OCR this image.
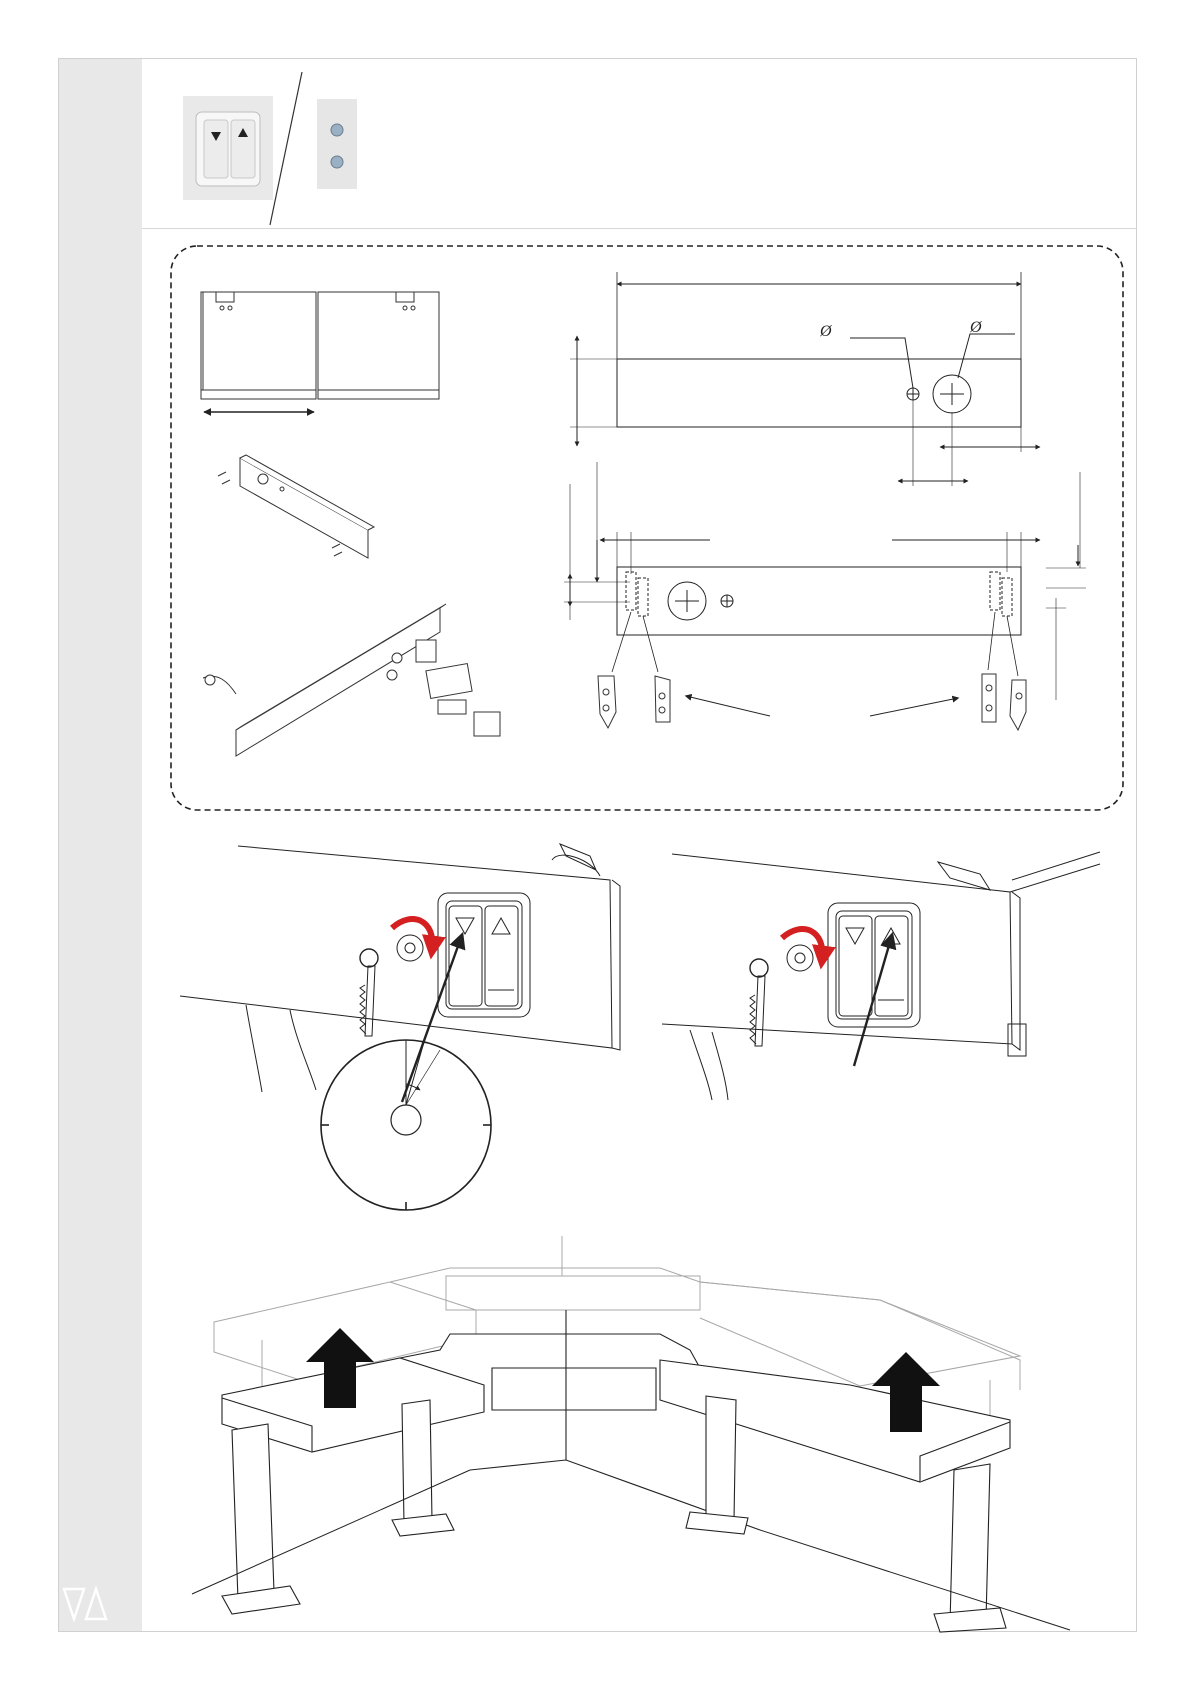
Ø	Ø
